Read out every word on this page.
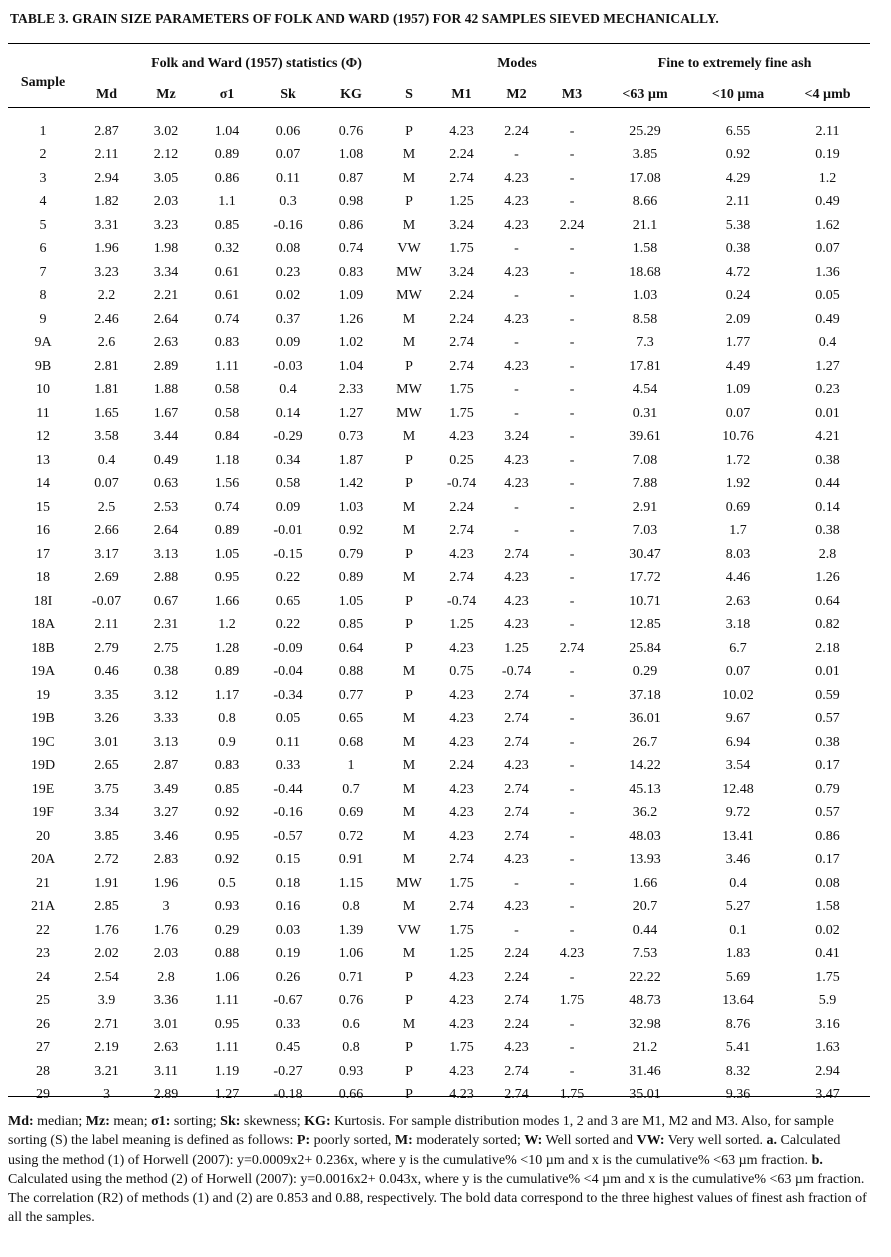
TABLE 3. GRAIN SIZE PARAMETERS OF FOLK AND WARD (1957) FOR 42 SAMPLES SIEVED MECHANICALLY.
Sample	Folk and Ward (1957) statistics (Φ)						Modes			Fine to extremely fine ash		
	Md	Mz	σ1	Sk	KG	S	M1	M2	M3	<63 µm	<10 µma	<4 µmb

1	2.87	3.02	1.04	0.06	0.76	P	4.23	2.24	-	25.29	6.55	2.11
2	2.11	2.12	0.89	0.07	1.08	M	2.24	-	-	3.85	0.92	0.19
3	2.94	3.05	0.86	0.11	0.87	M	2.74	4.23	-	17.08	4.29	1.2
4	1.82	2.03	1.1	0.3	0.98	P	1.25	4.23	-	8.66	2.11	0.49
5	3.31	3.23	0.85	-0.16	0.86	M	3.24	4.23	2.24	21.1	5.38	1.62
6	1.96	1.98	0.32	0.08	0.74	VW	1.75	-	-	1.58	0.38	0.07
7	3.23	3.34	0.61	0.23	0.83	MW	3.24	4.23	-	18.68	4.72	1.36
8	2.2	2.21	0.61	0.02	1.09	MW	2.24	-	-	1.03	0.24	0.05
9	2.46	2.64	0.74	0.37	1.26	M	2.24	4.23	-	8.58	2.09	0.49
9A	2.6	2.63	0.83	0.09	1.02	M	2.74	-	-	7.3	1.77	0.4
9B	2.81	2.89	1.11	-0.03	1.04	P	2.74	4.23	-	17.81	4.49	1.27
10	1.81	1.88	0.58	0.4	2.33	MW	1.75	-	-	4.54	1.09	0.23
11	1.65	1.67	0.58	0.14	1.27	MW	1.75	-	-	0.31	0.07	0.01
12	3.58	3.44	0.84	-0.29	0.73	M	4.23	3.24	-	39.61	10.76	4.21
13	0.4	0.49	1.18	0.34	1.87	P	0.25	4.23	-	7.08	1.72	0.38
14	0.07	0.63	1.56	0.58	1.42	P	-0.74	4.23	-	7.88	1.92	0.44
15	2.5	2.53	0.74	0.09	1.03	M	2.24	-	-	2.91	0.69	0.14
16	2.66	2.64	0.89	-0.01	0.92	M	2.74	-	-	7.03	1.7	0.38
17	3.17	3.13	1.05	-0.15	0.79	P	4.23	2.74	-	30.47	8.03	2.8
18	2.69	2.88	0.95	0.22	0.89	M	2.74	4.23	-	17.72	4.46	1.26
18I	-0.07	0.67	1.66	0.65	1.05	P	-0.74	4.23	-	10.71	2.63	0.64
18A	2.11	2.31	1.2	0.22	0.85	P	1.25	4.23	-	12.85	3.18	0.82
18B	2.79	2.75	1.28	-0.09	0.64	P	4.23	1.25	2.74	25.84	6.7	2.18
19A	0.46	0.38	0.89	-0.04	0.88	M	0.75	-0.74	-	0.29	0.07	0.01
19	3.35	3.12	1.17	-0.34	0.77	P	4.23	2.74	-	37.18	10.02	0.59
19B	3.26	3.33	0.8	0.05	0.65	M	4.23	2.74	-	36.01	9.67	0.57
19C	3.01	3.13	0.9	0.11	0.68	M	4.23	2.74	-	26.7	6.94	0.38
19D	2.65	2.87	0.83	0.33	1	M	2.24	4.23	-	14.22	3.54	0.17
19E	3.75	3.49	0.85	-0.44	0.7	M	4.23	2.74	-	45.13	12.48	0.79
19F	3.34	3.27	0.92	-0.16	0.69	M	4.23	2.74	-	36.2	9.72	0.57
20	3.85	3.46	0.95	-0.57	0.72	M	4.23	2.74	-	48.03	13.41	0.86
20A	2.72	2.83	0.92	0.15	0.91	M	2.74	4.23	-	13.93	3.46	0.17
21	1.91	1.96	0.5	0.18	1.15	MW	1.75	-	-	1.66	0.4	0.08
21A	2.85	3	0.93	0.16	0.8	M	2.74	4.23	-	20.7	5.27	1.58
22	1.76	1.76	0.29	0.03	1.39	VW	1.75	-	-	0.44	0.1	0.02
23	2.02	2.03	0.88	0.19	1.06	M	1.25	2.24	4.23	7.53	1.83	0.41
24	2.54	2.8	1.06	0.26	0.71	P	4.23	2.24	-	22.22	5.69	1.75
25	3.9	3.36	1.11	-0.67	0.76	P	4.23	2.74	1.75	48.73	13.64	5.9
26	2.71	3.01	0.95	0.33	0.6	M	4.23	2.24	-	32.98	8.76	3.16
27	2.19	2.63	1.11	0.45	0.8	P	1.75	4.23	-	21.2	5.41	1.63
28	3.21	3.11	1.19	-0.27	0.93	P	4.23	2.74	-	31.46	8.32	2.94
29	3	2.89	1.27	-0.18	0.66	P	4.23	2.74	1.75	35.01	9.36	3.47
Md: median; Mz: mean; σ1: sorting; Sk: skewness; KG: Kurtosis. For sample distribution modes 1, 2 and 3 are M1, M2 and M3. Also, for sample sorting (S) the label meaning is defined as follows: P: poorly sorted, M: moderately sorted; W: Well sorted and VW: Very well sorted. a. Calculated using the method (1) of Horwell (2007): y=0.0009x2+ 0.236x, where y is the cumulative% <10 µm and x is the cumulative% <63 µm fraction. b. Calculated using the method (2) of Horwell (2007): y=0.0016x2+ 0.043x, where y is the cumulative% <4 µm and x is the cumulative% <63 µm fraction. The correlation (R2) of methods (1) and (2) are 0.853 and 0.88, respectively. The bold data correspond to the three highest values of finest ash fraction of all the samples.
